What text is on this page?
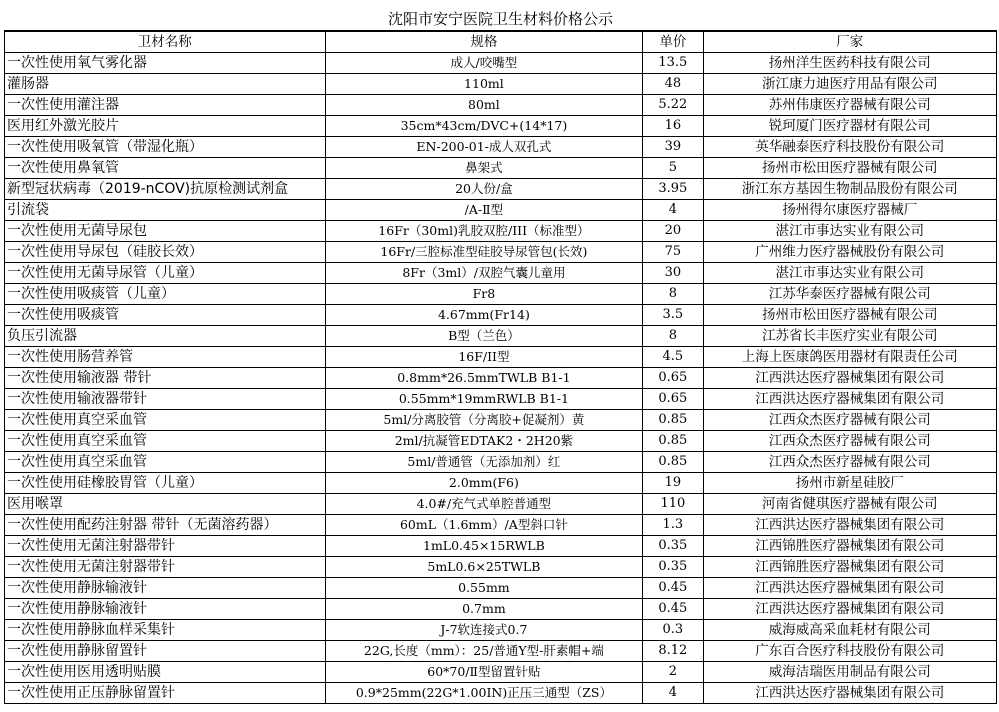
沈阳市安宁医院卫生材料价格公示
卫材名称	规格	单价	厂家
一次性使用氧气雾化器	成人/咬嘴型	13.5	扬州洋生医药科技有限公司
灌肠器	110ml	48	浙江康力迪医疗用品有限公司
一次性使用灌注器	80ml	5.22	苏州伟康医疗器械有限公司
医用红外激光胶片	35cm*43cm/DVC+(14*17)	16	锐珂厦门医疗器材有限公司
一次性使用吸氧管（带湿化瓶）	EN-200-01-成人双孔式	39	英华融泰医疗科技股份有限公司
一次性使用鼻氧管	鼻架式	5	扬州市松田医疗器械有限公司
新型冠状病毒（2019-nCOV)抗原检测试剂盒	20人份/盒	3.95	浙江东方基因生物制品股份有限公司
引流袋	/A-Ⅱ型	4	扬州得尔康医疗器械厂
一次性使用无菌导尿包	16Fr（30ml)乳胶双腔/III（标准型）	20	湛江市事达实业有限公司
一次性使用导尿包（硅胶长效）	16Fr/三腔标准型硅胶导尿管包(长效)	75	广州维力医疗器械股份有限公司
一次性使用无菌导尿管（儿童）	8Fr（3ml）/双腔气囊儿童用	30	湛江市事达实业有限公司
一次性使用吸痰管（儿童）	Fr8	8	江苏华泰医疗器械有限公司
一次性使用吸痰管	4.67mm(Fr14)	3.5	扬州市松田医疗器械有限公司
负压引流器	B型（兰色）	8	江苏省长丰医疗实业有限公司
一次性使用肠营养管	16F/II型	4.5	上海上医康鸽医用器材有限责任公司
一次性使用输液器 带针	0.8mm*26.5mmTWLB B1-1	0.65	江西洪达医疗器械集团有限公司
一次性使用输液器带针	0.55mm*19mmRWLB B1-1	0.65	江西洪达医疗器械集团有限公司
一次性使用真空采血管	5ml/分离胶管（分离胶+促凝剂）黄	0.85	江西众杰医疗器械有限公司
一次性使用真空采血管	2ml/抗凝管EDTAK2・2H20紫	0.85	江西众杰医疗器械有限公司
一次性使用真空采血管	5ml/普通管（无添加剂）红	0.85	江西众杰医疗器械有限公司
一次性使用硅橡胶胃管（儿童）	2.0mm(F6)	19	扬州市新星硅胶厂
医用喉罩	4.0#/充气式单腔普通型	110	河南省健琪医疗器械有限公司
一次性使用配药注射器 带针（无菌溶药器）	60mL（1.6mm）/A型斜口针	1.3	江西洪达医疗器械集团有限公司
一次性使用无菌注射器带针	1mL0.45×15RWLB	0.35	江西锦胜医疗器械集团有限公司
一次性使用无菌注射器带针	5mL0.6×25TWLB	0.35	江西锦胜医疗器械集团有限公司
一次性使用静脉输液针	0.55mm	0.45	江西洪达医疗器械集团有限公司
一次性使用静脉输液针	0.7mm	0.45	江西洪达医疗器械集团有限公司
一次性使用静脉血样采集针	J-7软连接式0.7	0.3	威海威高采血耗材有限公司
一次性使用静脉留置针	22G,长度（mm）：25/普通Y型-肝素帽+端	8.12	广东百合医疗科技股份有限公司
一次性使用医用透明贴膜	60*70/Ⅱ型留置针贴	2	威海洁瑞医用制品有限公司
一次性使用正压静脉留置针	0.9*25mm(22G*1.00IN)正压三通型（ZS）	4	江西洪达医疗器械集团有限公司
